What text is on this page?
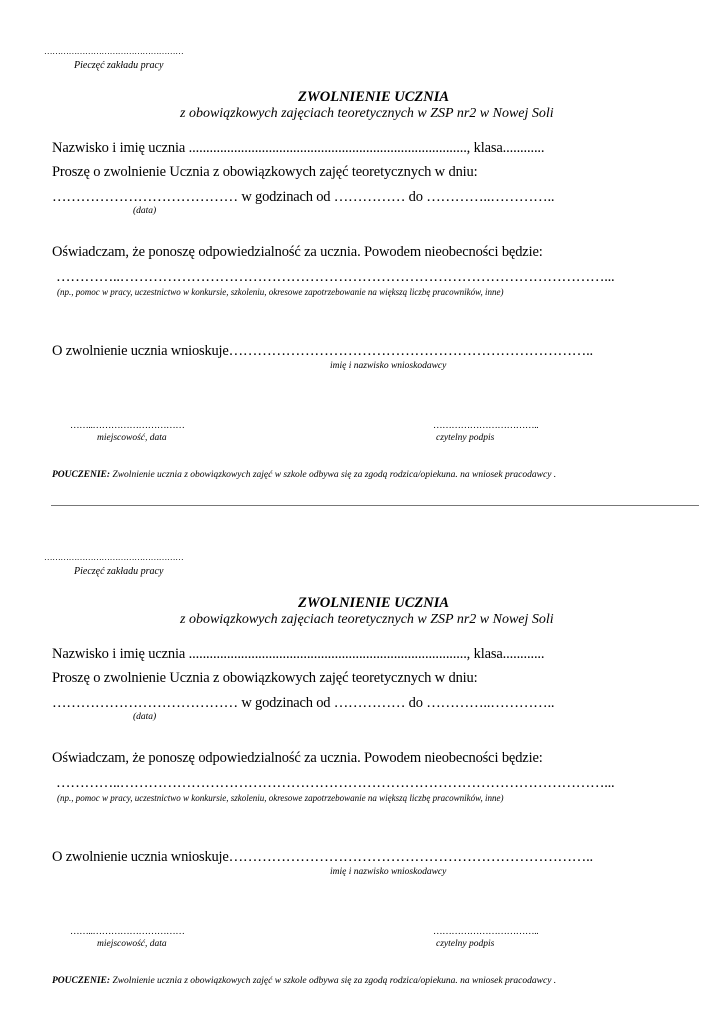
……………………………………………

Pieczęć zakładu pracy

ZWOLNIENIE UCZNIA

z obowiązkowych zajęciach teoretycznych w ZSP nr2 w Nowej Soli

Nazwisko i imię ucznia ................................................................................, klasa............

Proszę o zwolnienie Ucznia z obowiązkowych zajęć teoretycznych w dniu:

………………………………… w godzinach od …………… do …………..…………..

(data)

Oświadczam, że ponoszę odpowiedzialność za ucznia. Powodem nieobecności będzie:

…………..…………………………………………………………………………………………...

(np., pomoc w pracy, uczestnictwo w konkursie, szkoleniu, okresowe zapotrzebowanie na większą liczbę pracowników, inne)

O zwolnienie ucznia wnioskuje…………………………………………………………………..

imię i nazwisko wnioskodawcy

……..…………………………

miejscowość, data

……………………………..

czytelny podpis

POUCZENIE: Zwolnienie ucznia z obowiązkowych zajęć w szkole odbywa się za zgodą rodzica/opiekuna. na wniosek pracodawcy .

……………………………………………

Pieczęć zakładu pracy

ZWOLNIENIE UCZNIA

z obowiązkowych zajęciach teoretycznych w ZSP nr2 w Nowej Soli

Nazwisko i imię ucznia ................................................................................, klasa............

Proszę o zwolnienie Ucznia z obowiązkowych zajęć teoretycznych w dniu:

………………………………… w godzinach od …………… do …………..…………..

(data)

Oświadczam, że ponoszę odpowiedzialność za ucznia. Powodem nieobecności będzie:

…………..…………………………………………………………………………………………...

(np., pomoc w pracy, uczestnictwo w konkursie, szkoleniu, okresowe zapotrzebowanie na większą liczbę pracowników, inne)

O zwolnienie ucznia wnioskuje…………………………………………………………………..

imię i nazwisko wnioskodawcy

……..…………………………

miejscowość, data

……………………………..

czytelny podpis

POUCZENIE: Zwolnienie ucznia z obowiązkowych zajęć w szkole odbywa się za zgodą rodzica/opiekuna. na wniosek pracodawcy .
